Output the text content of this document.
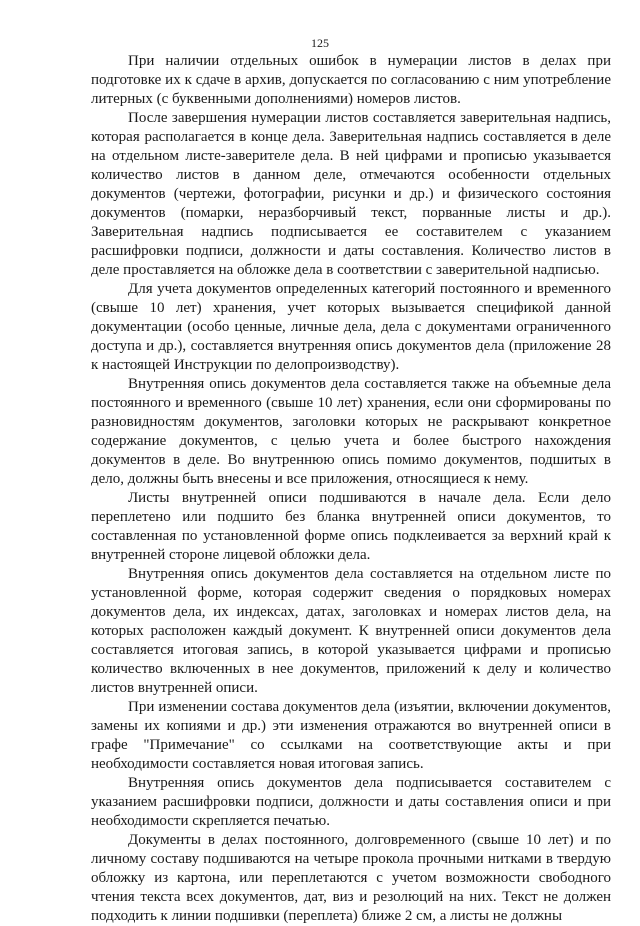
125

При наличии отдельных ошибок в нумерации листов в делах при подготовке их к сдаче в архив, допускается по согласованию с ним употребление литерных (с буквенными дополнениями) номеров листов.

После завершения нумерации листов составляется заверительная надпись, которая располагается в конце дела. Заверительная надпись составляется в деле на отдельном листе-заверителе дела. В ней цифрами и прописью указывается количество листов в данном деле, отмечаются особенности отдельных документов (чертежи, фотографии, рисунки и др.) и физического состояния документов (помарки, неразборчивый текст, порванные листы и др.). Заверительная надпись подписывается ее составителем с указанием расшифровки подписи, должности и даты составления. Количество листов в деле проставляется на обложке дела в соответствии с заверительной надписью.

Для учета документов определенных категорий постоянного и временного (свыше 10 лет) хранения, учет которых вызывается спецификой данной документации (особо ценные, личные дела, дела с документами ограниченного доступа и др.), составляется внутренняя опись документов дела (приложение 28 к настоящей Инструкции по делопроизводству).

Внутренняя опись документов дела составляется также на объемные дела постоянного и временного (свыше 10 лет) хранения, если они сформированы по разновидностям документов, заголовки которых не раскрывают конкретное содержание документов, с целью учета и более быстрого нахождения документов в деле. Во внутреннюю опись помимо документов, подшитых в дело, должны быть внесены и все приложения, относящиеся к нему.

Листы внутренней описи подшиваются в начале дела. Если дело переплетено или подшито без бланка внутренней описи документов, то составленная по установленной форме опись подклеивается за верхний край к внутренней стороне лицевой обложки дела.

Внутренняя опись документов дела составляется на отдельном листе по установленной форме, которая содержит сведения о порядковых номерах документов дела, их индексах, датах, заголовках и номерах листов дела, на которых расположен каждый документ. К внутренней описи документов дела составляется итоговая запись, в которой указывается цифрами и прописью количество включенных в нее документов, приложений к делу и количество листов внутренней описи.

При изменении состава документов дела (изъятии, включении документов, замены их копиями и др.) эти изменения отражаются во внутренней описи в графе "Примечание" со ссылками на соответствующие акты и при необходимости составляется новая итоговая запись.

Внутренняя опись документов дела подписывается составителем с указанием расшифровки подписи, должности и даты составления описи и при необходимости скрепляется печатью.

Документы в делах постоянного, долговременного (свыше 10 лет) и по личному составу подшиваются на четыре прокола прочными нитками в твердую обложку из картона, или переплетаются с учетом возможности свободного чтения текста всех документов, дат, виз и резолюций на них. Текст не должен подходить к линии подшивки (переплета) ближе 2 см, а листы не должны
